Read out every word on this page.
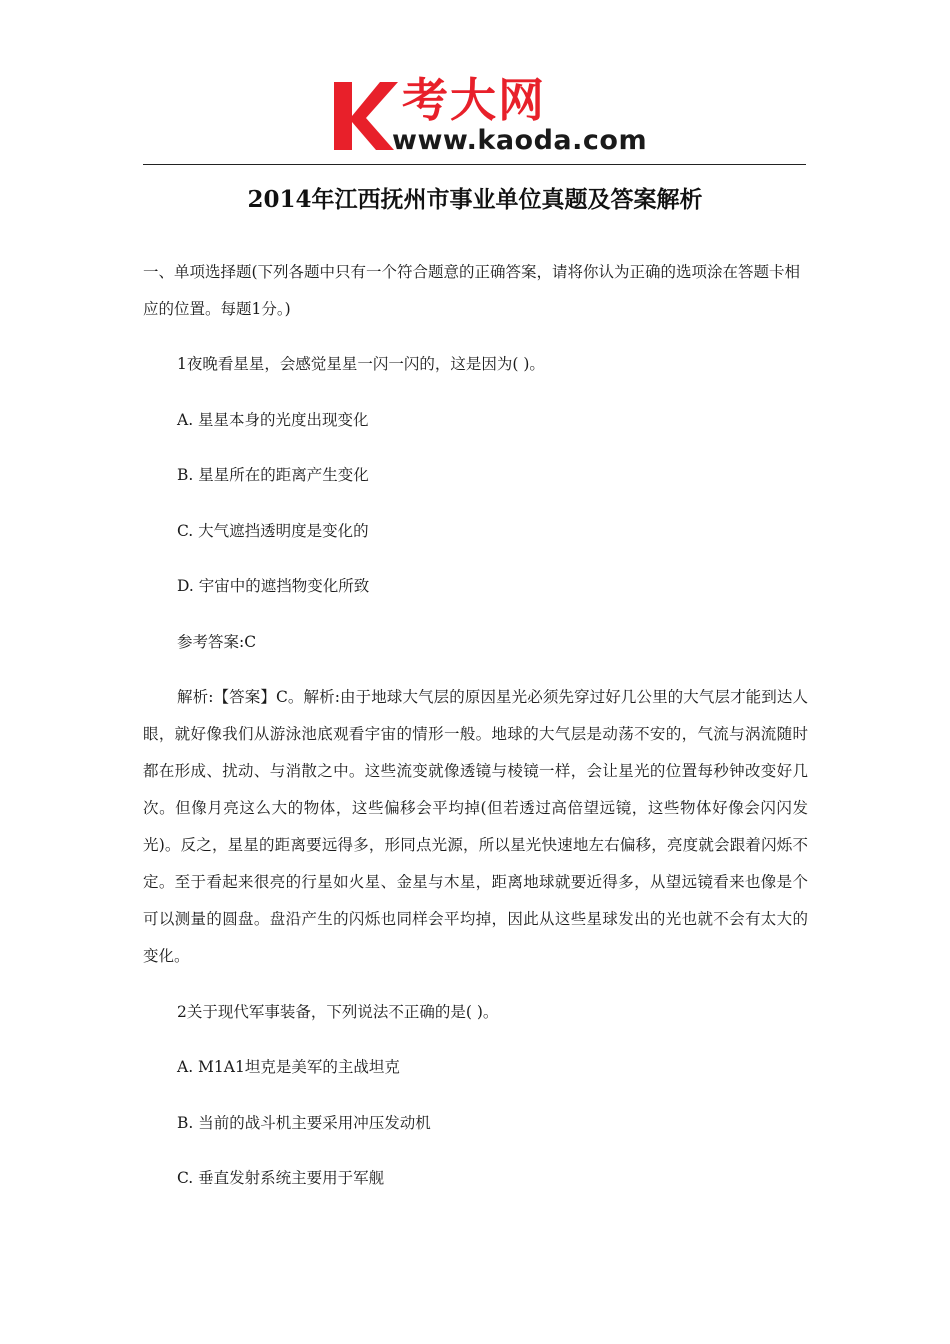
考大网
www.kaoda.com
2014年江西抚州市事业单位真题及答案解析

一、单项选择题(下列各题中只有一个符合题意的正确答案，请将你认为正确的选项涂在答题卡相应的位置。每题1分。)

1夜晚看星星，会感觉星星一闪一闪的，这是因为( )。
A. 星星本身的光度出现变化
B. 星星所在的距离产生变化
C. 大气遮挡透明度是变化的
D. 宇宙中的遮挡物变化所致
参考答案:C

解析:【答案】C。解析:由于地球大气层的原因星光必须先穿过好几公里的大气层才能到达人眼，就好像我们从游泳池底观看宇宙的情形一般。地球的大气层是动荡不安的，气流与涡流随时都在形成、扰动、与消散之中。这些流变就像透镜与棱镜一样，会让星光的位置每秒钟改变好几次。但像月亮这么大的物体，这些偏移会平均掉(但若透过高倍望远镜，这些物体好像会闪闪发光)。反之，星星的距离要远得多，形同点光源，所以星光快速地左右偏移，亮度就会跟着闪烁不定。至于看起来很亮的行星如火星、金星与木星，距离地球就要近得多，从望远镜看来也像是个可以测量的圆盘。盘沿产生的闪烁也同样会平均掉，因此从这些星球发出的光也就不会有太大的变化。

2关于现代军事装备，下列说法不正确的是( )。
A. M1A1坦克是美军的主战坦克
B. 当前的战斗机主要采用冲压发动机
C. 垂直发射系统主要用于军舰
